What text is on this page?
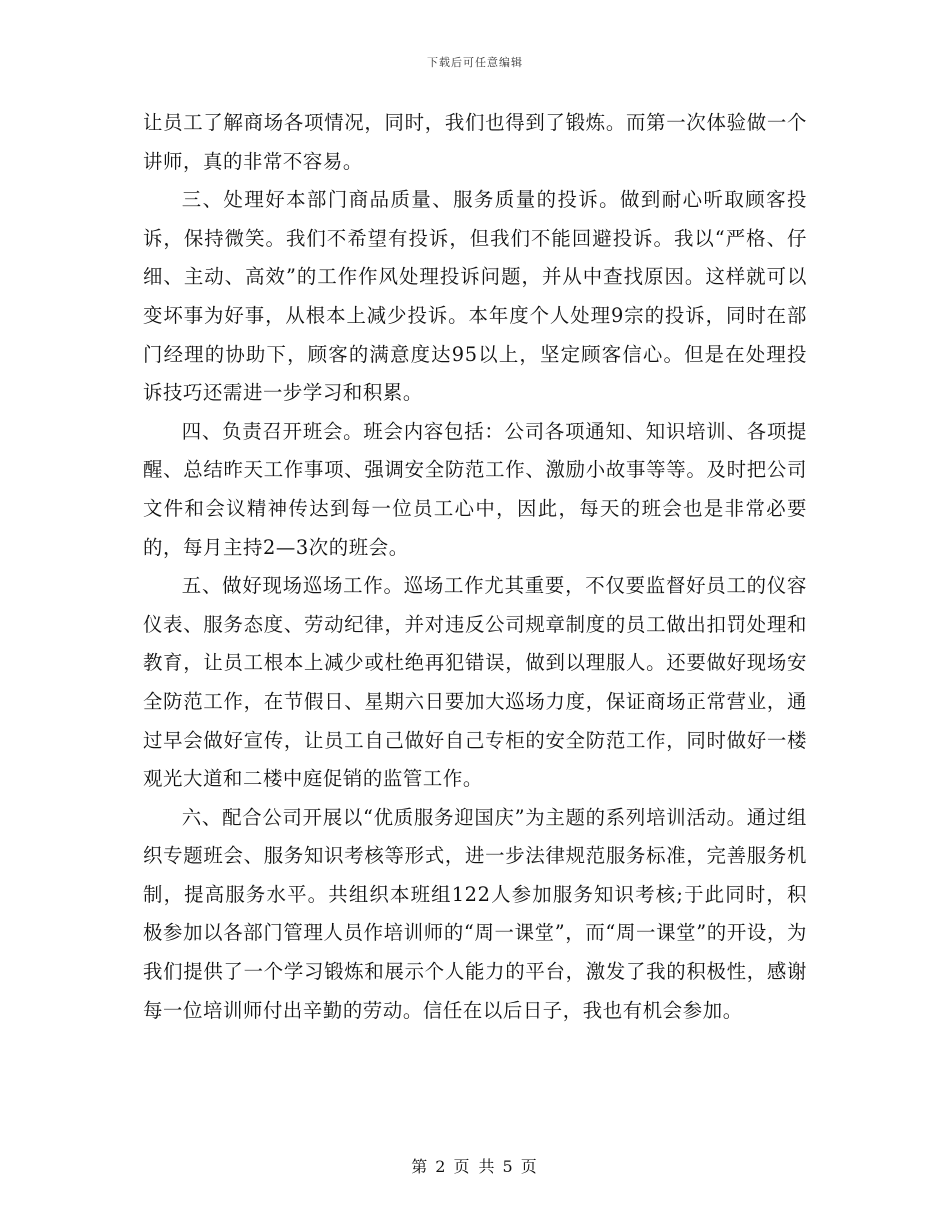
下载后可任意编辑

让员工了解商场各项情况，同时，我们也得到了锻炼。而第一次体验做一个讲师，真的非常不容易。

三、处理好本部门商品质量、服务质量的投诉。做到耐心听取顾客投诉，保持微笑。我们不希望有投诉，但我们不能回避投诉。我以“严格、仔细、主动、高效”的工作作风处理投诉问题，并从中查找原因。这样就可以变坏事为好事，从根本上减少投诉。本年度个人处理9宗的投诉，同时在部门经理的协助下，顾客的满意度达95以上，坚定顾客信心。但是在处理投诉技巧还需进一步学习和积累。

四、负责召开班会。班会内容包括：公司各项通知、知识培训、各项提醒、总结昨天工作事项、强调安全防范工作、激励小故事等等。及时把公司文件和会议精神传达到每一位员工心中，因此，每天的班会也是非常必要的，每月主持2—3次的班会。

五、做好现场巡场工作。巡场工作尤其重要，不仅要监督好员工的仪容仪表、服务态度、劳动纪律，并对违反公司规章制度的员工做出扣罚处理和教育，让员工根本上减少或杜绝再犯错误，做到以理服人。还要做好现场安全防范工作，在节假日、星期六日要加大巡场力度，保证商场正常营业，通过早会做好宣传，让员工自己做好自己专柜的安全防范工作，同时做好一楼观光大道和二楼中庭促销的监管工作。

六、配合公司开展以“优质服务迎国庆”为主题的系列培训活动。通过组织专题班会、服务知识考核等形式，进一步法律规范服务标准，完善服务机制，提高服务水平。共组织本班组122人参加服务知识考核;于此同时，积极参加以各部门管理人员作培训师的“周一课堂”，而“周一课堂”的开设，为我们提供了一个学习锻炼和展示个人能力的平台，激发了我的积极性，感谢每一位培训师付出辛勤的劳动。信任在以后日子，我也有机会参加。

第 2 页 共 5 页
